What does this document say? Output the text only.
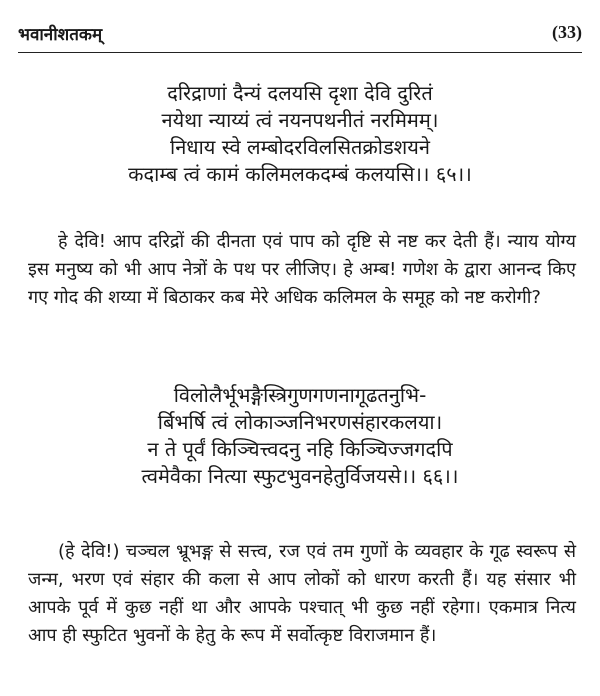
भवानीशतकम्	(33)
दरिद्राणां दैन्यं दलयसि दृशा देवि दुरितं
नयेथा न्याय्यं त्वं नयनपथनीतं नरमिमम्।
निधाय स्वे लम्बोदरविलसितक्रोडशयने
कदाम्ब त्वं कामं कलिमलकदम्बं कलयसि।। ६५।।

हे देवि! आप दरिद्रों की दीनता एवं पाप को दृष्टि से नष्ट कर देती हैं। न्याय योग्य इस मनुष्य को भी आप नेत्रों के पथ पर लीजिए। हे अम्ब! गणेश के द्वारा आनन्द किए गए गोद की शय्या में बिठाकर कब मेरे अधिक कलिमल के समूह को नष्ट करोगी?

विलोलैर्भूभङ्गैस्त्रिगुणगणनागूढतनुभि-
र्बिभर्षि त्वं लोकाञ्जनिभरणसंहारकलया।
न ते पूर्वं किञ्चित्त्वदनु नहि किञ्चिज्जगदपि
त्वमेवैका नित्या स्फुटभुवनहेतुर्विजयसे।। ६६।।

(हे देवि!) चञ्चल भ्रूभङ्ग से सत्त्व, रज एवं तम गुणों के व्यवहार के गूढ स्वरूप से जन्म, भरण एवं संहार की कला से आप लोकों को धारण करती हैं। यह संसार भी आपके पूर्व में कुछ नहीं था और आपके पश्चात् भी कुछ नहीं रहेगा। एकमात्र नित्य आप ही स्फुटित भुवनों के हेतु के रूप में सर्वोत्कृष्ट विराजमान हैं।
